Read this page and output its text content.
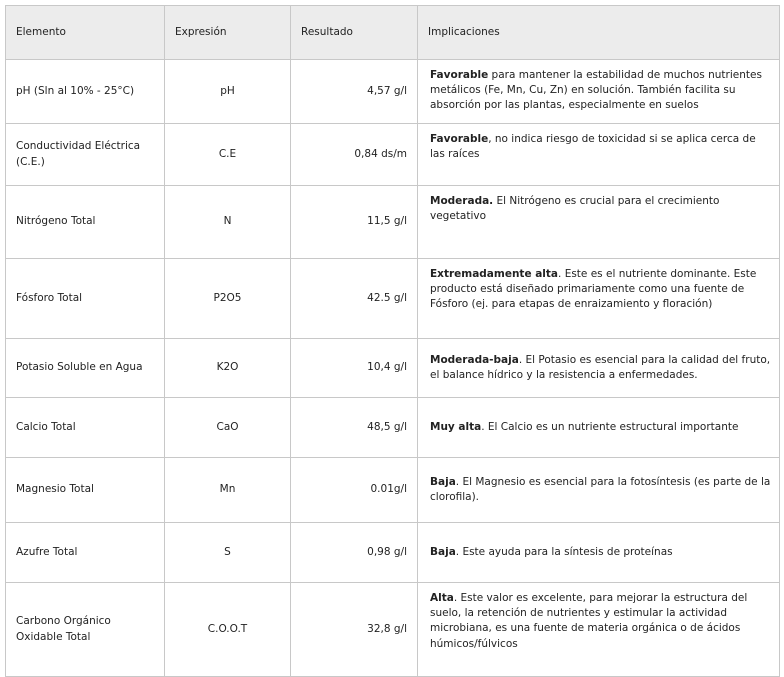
Elemento	Expresión	Resultado	Implicaciones
pH (Sln al 10% - 25°C)	pH	4,57 g/l	Favorable para mantener la estabilidad de muchos nutrientes metálicos (Fe, Mn, Cu, Zn) en solución. También facilita su absorción por las plantas, especialmente en suelos
Conductividad Eléctrica (C.E.)	C.E	0,84 ds/m	Favorable, no indica riesgo de toxicidad si se aplica cerca de las raíces
Nitrógeno Total	N	11,5 g/l	Moderada. El Nitrógeno es crucial para el crecimiento vegetativo
Fósforo Total	P2O5	42.5 g/l	Extremadamente alta. Este es el nutriente dominante. Este producto está diseñado primariamente como una fuente de Fósforo (ej. para etapas de enraizamiento y floración)
Potasio Soluble en Agua	K2O	10,4 g/l	Moderada-baja. El Potasio es esencial para la calidad del fruto, el balance hídrico y la resistencia a enfermedades.
Calcio Total	CaO	48,5 g/l	Muy alta. El Calcio es un nutriente estructural importante
Magnesio Total	Mn	0.01g/l	Baja. El Magnesio es esencial para la fotosíntesis (es parte de la clorofila).
Azufre Total	S	0,98 g/l	Baja. Este ayuda para la síntesis de proteínas
Carbono Orgánico Oxidable Total	C.O.O.T	32,8 g/l	Alta. Este valor es excelente, para mejorar la estructura del suelo, la retención de nutrientes y estimular la actividad microbiana, es una fuente de materia orgánica o de ácidos húmicos/fúlvicos
